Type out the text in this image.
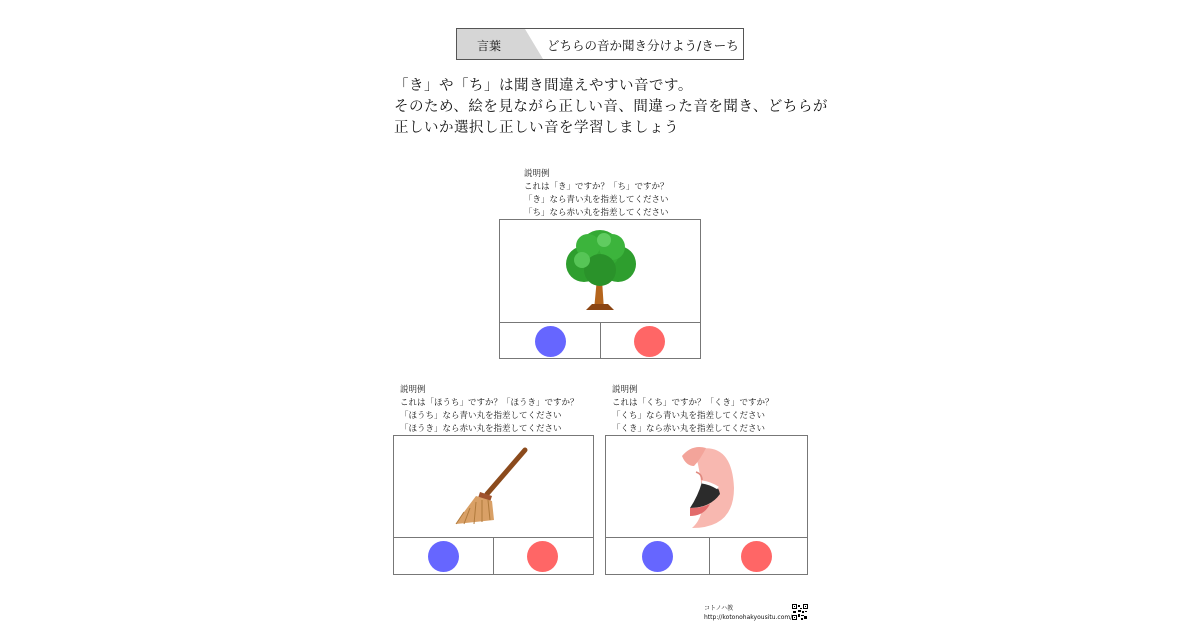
言葉	どちらの音か聞き分けよう/きーち
「き」や「ち」は聞き間違えやすい音です。
そのため、絵を見ながら正しい音、間違った音を聞き、どちらが
正しいか選択し正しい音を学習しましょう
説明例
これは「き」ですか？「ち」ですか？
「き」なら青い丸を指差してください
「ち」なら赤い丸を指差してください
説明例
これは「ほうち」ですか？「ほうき」ですか？
「ほうち」なら青い丸を指差してください
「ほうき」なら赤い丸を指差してください
説明例
これは「くち」ですか？「くき」ですか？
「くち」なら青い丸を指差してください
「くき」なら赤い丸を指差してください
コトノハ教
http://kotonohakyousitu.com/
